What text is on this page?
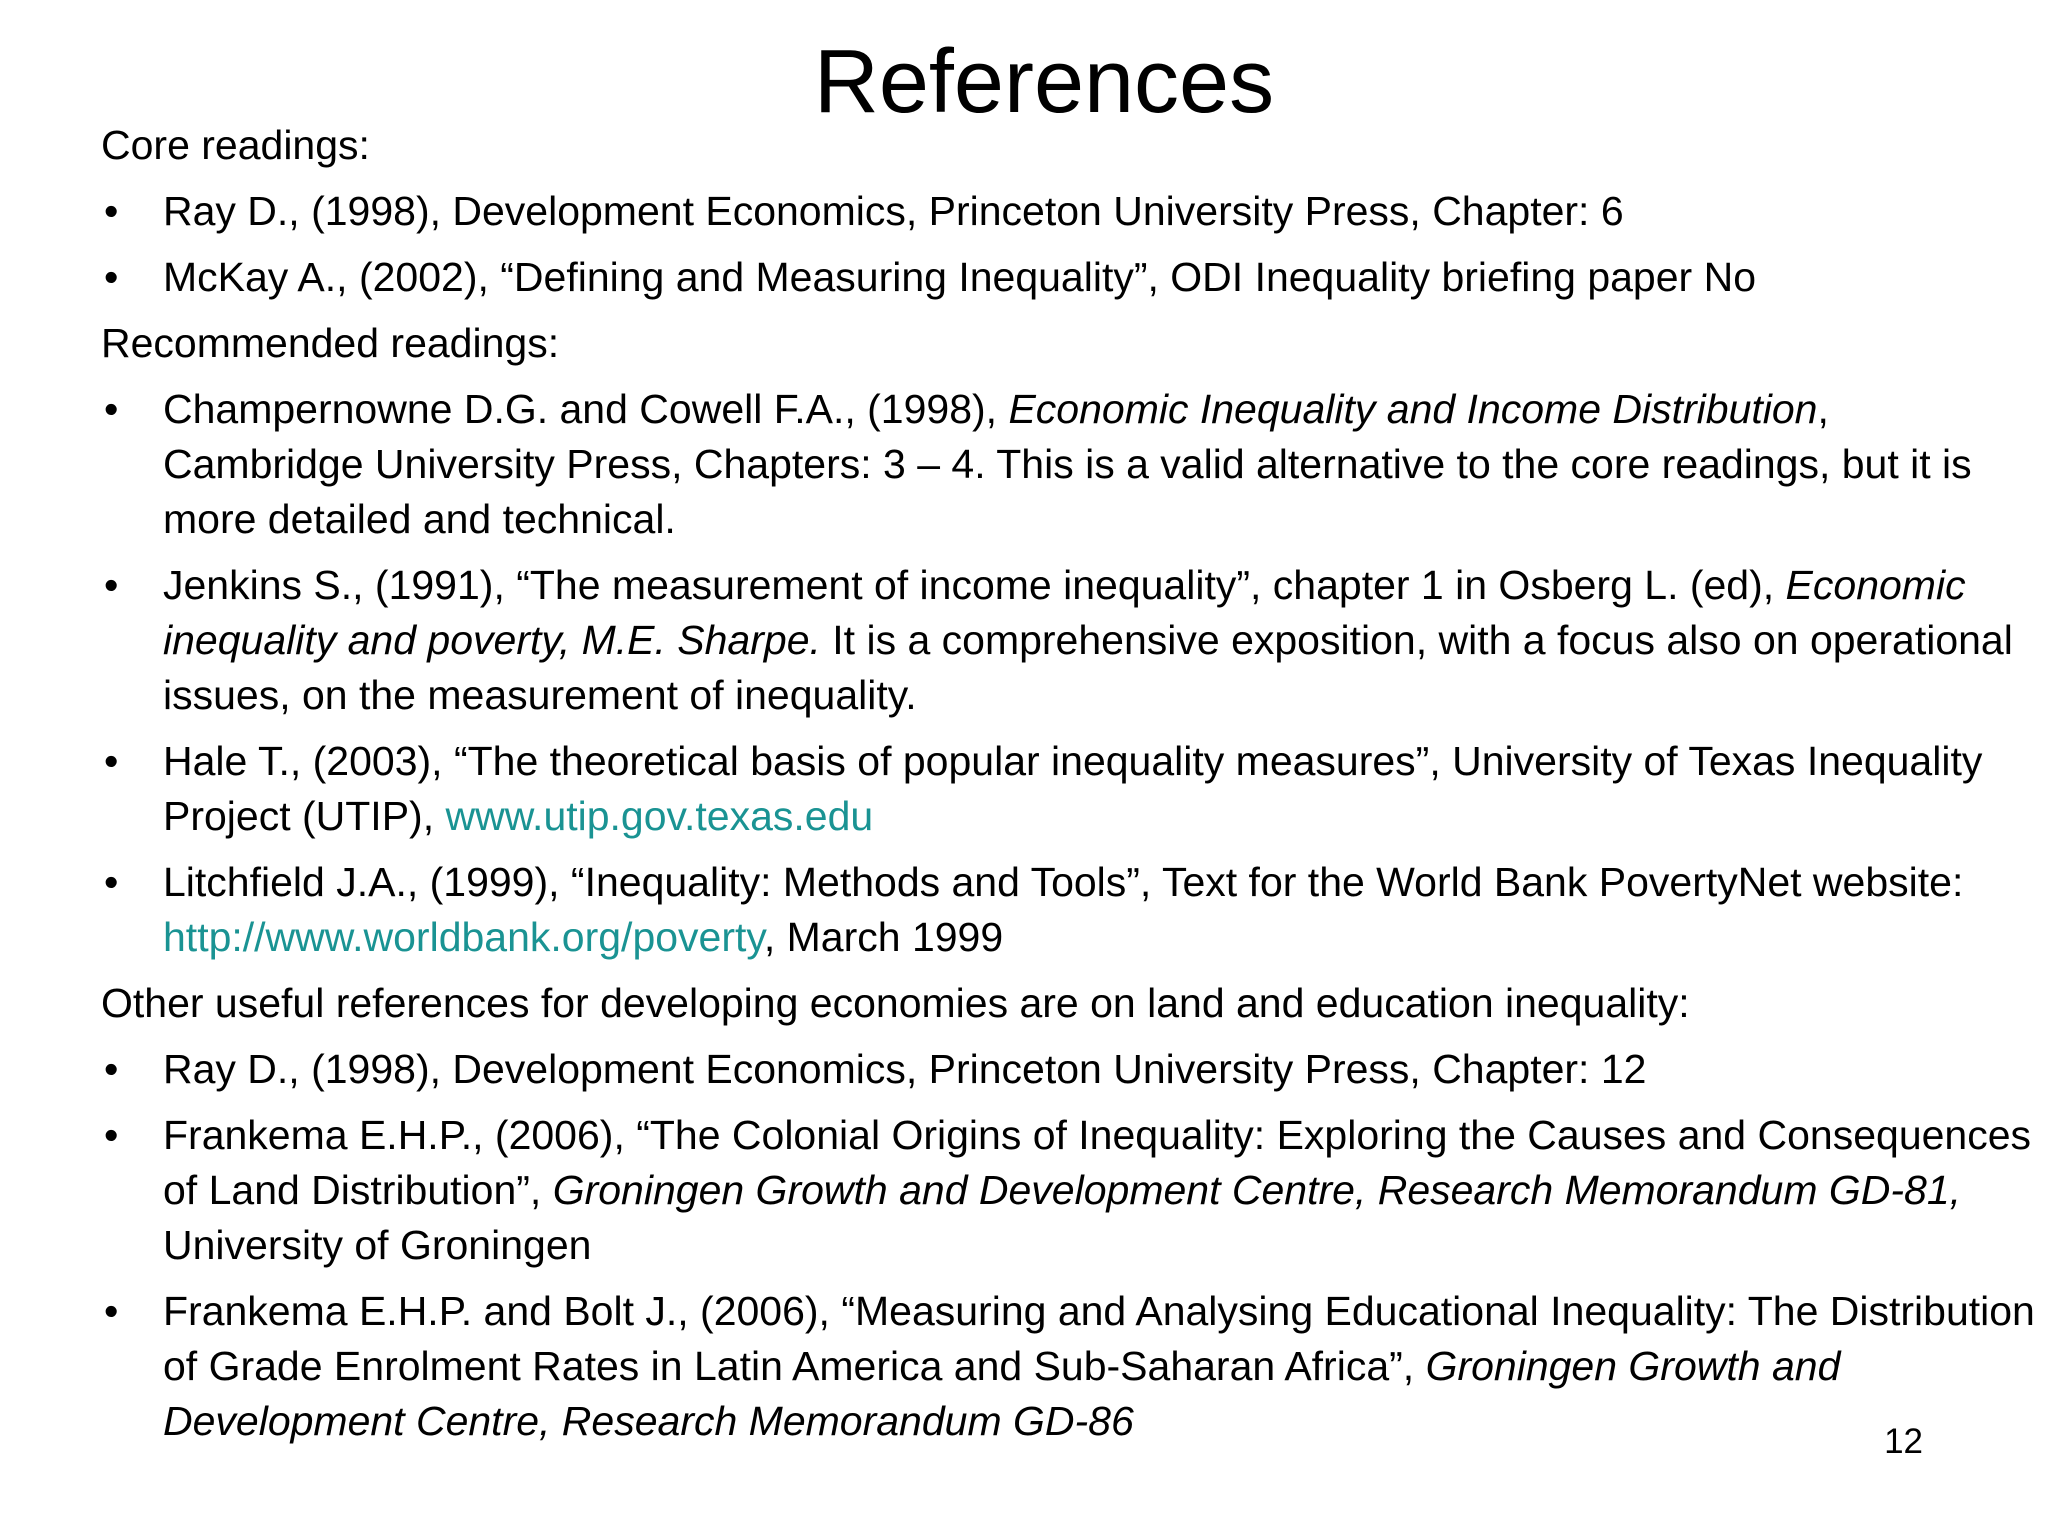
References
Core readings:
• Ray D., (1998), Development Economics, Princeton University Press, Chapter: 6
• McKay A., (2002), “Defining and Measuring Inequality”, ODI Inequality briefing paper No
Recommended readings:
• Champernowne D.G. and Cowell F.A., (1998), Economic Inequality and Income Distribution, Cambridge University Press, Chapters: 3 – 4. This is a valid alternative to the core readings, but it is more detailed and technical.
• Jenkins S., (1991), “The measurement of income inequality”, chapter 1 in Osberg L. (ed), Economic inequality and poverty, M.E. Sharpe. It is a comprehensive exposition, with a focus also on operational issues, on the measurement of inequality.
• Hale T., (2003), “The theoretical basis of popular inequality measures”, University of Texas Inequality Project (UTIP), www.utip.gov.texas.edu
• Litchfield J.A., (1999), “Inequality: Methods and Tools”, Text for the World Bank PovertyNet website: http://www.worldbank.org/poverty, March 1999
Other useful references for developing economies are on land and education inequality:
• Ray D., (1998), Development Economics, Princeton University Press, Chapter: 12
• Frankema E.H.P., (2006), “The Colonial Origins of Inequality: Exploring the Causes and Consequences of Land Distribution”, Groningen Growth and Development Centre, Research Memorandum GD-81, University of Groningen
• Frankema E.H.P. and Bolt J., (2006), “Measuring and Analysing Educational Inequality: The Distribution of Grade Enrolment Rates in Latin America and Sub-Saharan Africa”, Groningen Growth and Development Centre, Research Memorandum GD-86	12
